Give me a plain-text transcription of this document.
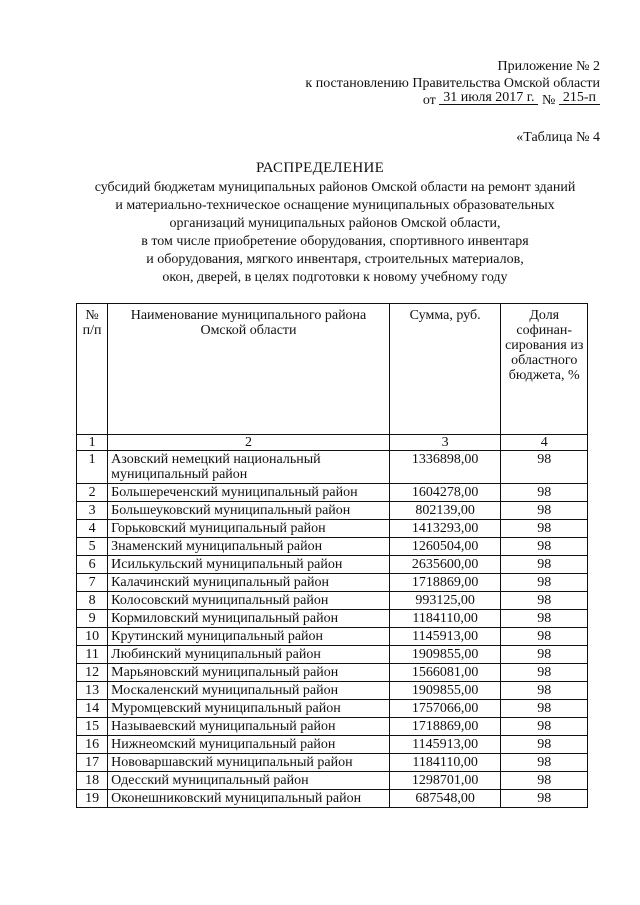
Приложение № 2
к постановлению Правительства Омской области
от 31 июля 2017 г. № 215-п
«Таблица № 4
РАСПРЕДЕЛЕНИЕ
субсидий бюджетам муниципальных районов Омской области на ремонт зданий
и материально-техническое оснащение муниципальных образовательных
организаций муниципальных районов Омской области,
в том числе приобретение оборудования, спортивного инвентаря
и оборудования, мягкого инвентаря, строительных материалов,
окон, дверей, в целях подготовки к новому учебному году
№ п/п	Наименование муниципального района Омской области	Сумма, руб.	Доля софинан-сирования из областного бюджета, %
1	2	3	4
1	Азовский немецкий национальный муниципальный район	1336898,00	98
2	Большереченский муниципальный район	1604278,00	98
3	Большеуковский муниципальный район	802139,00	98
4	Горьковский муниципальный район	1413293,00	98
5	Знаменский муниципальный район	1260504,00	98
6	Исилькульский муниципальный район	2635600,00	98
7	Калачинский муниципальный район	1718869,00	98
8	Колосовский муниципальный район	993125,00	98
9	Кормиловский муниципальный район	1184110,00	98
10	Крутинский муниципальный район	1145913,00	98
11	Любинский муниципальный район	1909855,00	98
12	Марьяновский муниципальный район	1566081,00	98
13	Москаленский муниципальный район	1909855,00	98
14	Муромцевский муниципальный район	1757066,00	98
15	Называевский муниципальный район	1718869,00	98
16	Нижнеомский муниципальный район	1145913,00	98
17	Нововаршавский муниципальный район	1184110,00	98
18	Одесский муниципальный район	1298701,00	98
19	Оконешниковский муниципальный район	687548,00	98
